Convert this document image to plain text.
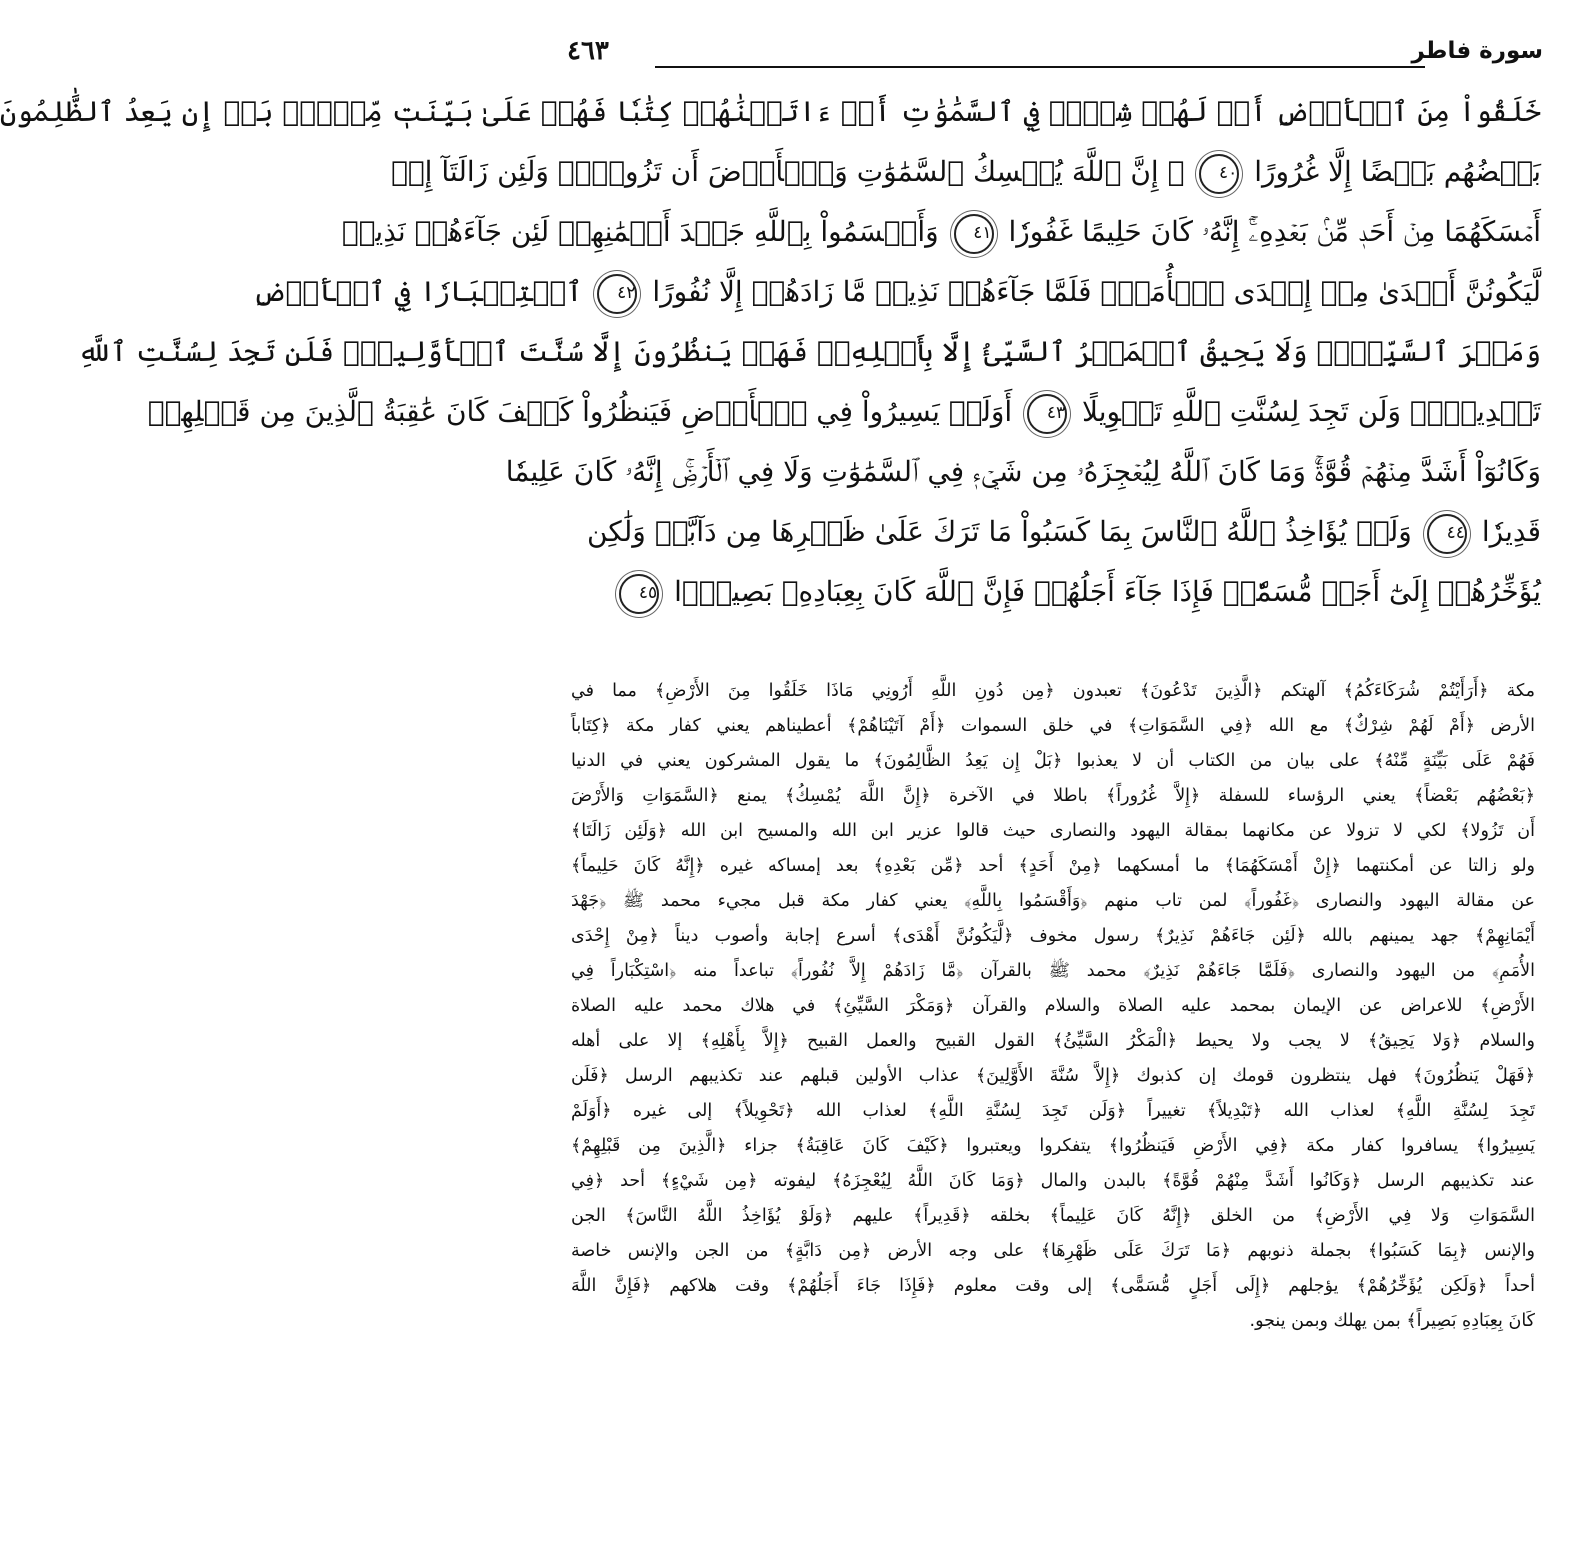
٤٦٣	سورة فاطر
خَلَقُواْ مِنَ ٱلۡأَرۡضِ أَمۡ لَهُمۡ شِرۡكٞ فِي ٱلسَّمَٰوَٰتِ أَمۡ ءَاتَيۡنَٰهُمۡ كِتَٰبٗا فَهُمۡ عَلَىٰ بَيِّنَتٖ مِّنۡهُۚ بَلۡ إِن يَعِدُ ٱلظَّٰلِمُونَ
بَعۡضُهُم بَعۡضًا إِلَّا غُرُورًا ٤٠ ۞ إِنَّ ٱللَّهَ يُمۡسِكُ ٱلسَّمَٰوَٰتِ وَٱلۡأَرۡضَ أَن تَزُولَاۚ وَلَئِن زَالَتَآ إِنۡ
أَمۡسَكَهُمَا مِنۡ أَحَدٖ مِّنۢ بَعۡدِهِۦٓۚ إِنَّهُۥ كَانَ حَلِيمًا غَفُورٗا ٤١ وَأَقۡسَمُواْ بِٱللَّهِ جَهۡدَ أَيۡمَٰنِهِمۡ لَئِن جَآءَهُمۡ نَذِيرٞ
لَّيَكُونُنَّ أَهۡدَىٰ مِنۡ إِحۡدَى ٱلۡأُمَمِۖ فَلَمَّا جَآءَهُمۡ نَذِيرٞ مَّا زَادَهُمۡ إِلَّا نُفُورًا ٤٢ ٱسۡتِكۡبَارٗا فِي ٱلۡأَرۡضِ
وَمَكۡرَ ٱلسَّيِّيِٕۚ وَلَا يَحِيقُ ٱلۡمَكۡرُ ٱلسَّيِّئُ إِلَّا بِأَهۡلِهِۦۚ فَهَلۡ يَنظُرُونَ إِلَّا سُنَّتَ ٱلۡأَوَّلِينَۚ فَلَن تَجِدَ لِسُنَّتِ ٱللَّهِ
تَبۡدِيلٗاۖ وَلَن تَجِدَ لِسُنَّتِ ٱللَّهِ تَحۡوِيلًا ٤٣ أَوَلَمۡ يَسِيرُواْ فِي ٱلۡأَرۡضِ فَيَنظُرُواْ كَيۡفَ كَانَ عَٰقِبَةُ ٱلَّذِينَ مِن قَبۡلِهِمۡ
وَكَانُوٓاْ أَشَدَّ مِنۡهُمۡ قُوَّةٗۚ وَمَا كَانَ ٱللَّهُ لِيُعۡجِزَهُۥ مِن شَيۡءٖ فِي ٱلسَّمَٰوَٰتِ وَلَا فِي ٱلۡأَرۡضِۚ إِنَّهُۥ كَانَ عَلِيمٗا
قَدِيرٗا ٤٤ وَلَوۡ يُؤَاخِذُ ٱللَّهُ ٱلنَّاسَ بِمَا كَسَبُواْ مَا تَرَكَ عَلَىٰ ظَهۡرِهَا مِن دَآبَّةٖ وَلَٰكِن
يُؤَخِّرُهُمۡ إِلَىٰٓ أَجَلٖ مُّسَمّٗىۖ فَإِذَا جَآءَ أَجَلُهُمۡ فَإِنَّ ٱللَّهَ كَانَ بِعِبَادِهِۦ بَصِيرَۢا ٤٥
مكة ﴿أَرَأَيْتُمْ شُرَكَاءَكُمُ﴾ آلهتكم ﴿الَّذِينَ تَدْعُونَ﴾ تعبدون ﴿مِن دُونِ اللَّهِ أَرُونِي مَاذَا خَلَقُوا مِنَ الأَرْضِ﴾ مما في
الأرض ﴿أَمْ لَهُمْ شِرْكٌ﴾ مع الله ﴿فِي السَّمَوَاتِ﴾ في خلق السموات ﴿أَمْ آتَيْنَاهُمْ﴾ أعطيناهم يعني كفار مكة ﴿كِتَاباً
فَهُمْ عَلَى بَيِّنَةٍ مِّنْهُ﴾ على بيان من الكتاب أن لا يعذبوا ﴿بَلْ إِن يَعِدُ الظَّالِمُونَ﴾ ما يقول المشركون يعني في الدنيا
﴿بَعْضُهُم بَعْضاً﴾ يعني الرؤساء للسفلة ﴿إِلاَّ غُرُوراً﴾ باطلا في الآخرة ﴿إِنَّ اللَّهَ يُمْسِكُ﴾ يمنع ﴿السَّمَوَاتِ وَالأَرْضَ
أَن تَزُولا﴾ لكي لا تزولا عن مكانهما بمقالة اليهود والنصارى حيث قالوا عزير ابن الله والمسيح ابن الله ﴿وَلَئِن زَالَتَا﴾
ولو زالتا عن أمكنتهما ﴿إِنْ أَمْسَكَهُمَا﴾ ما أمسكهما ﴿مِنْ أَحَدٍ﴾ أحد ﴿مِّن بَعْدِهِ﴾ بعد إمساكه غيره ﴿إِنَّهُ كَانَ حَلِيماً﴾
عن مقالة اليهود والنصارى ﴿غَفُوراً﴾ لمن تاب منهم ﴿وَأَقْسَمُوا بِاللَّهِ﴾ يعني كفار مكة قبل مجيء محمد ﷺ ﴿جَهْدَ
أَيْمَانِهِمْ﴾ جهد يمينهم بالله ﴿لَئِن جَاءَهُمْ نَذِيرٌ﴾ رسول مخوف ﴿لَّيَكُونُنَّ أَهْدَى﴾ أسرع إجابة وأصوب ديناً ﴿مِنْ إِحْدَى
الأُمَمِ﴾ من اليهود والنصارى ﴿فَلَمَّا جَاءَهُمْ نَذِيرٌ﴾ محمد ﷺ بالقرآن ﴿مَّا زَادَهُمْ إِلاَّ نُفُوراً﴾ تباعداً منه ﴿اسْتِكْبَاراً فِي
الأَرْضِ﴾ للاعراض عن الإيمان بمحمد عليه الصلاة والسلام والقرآن ﴿وَمَكْرَ السَّيِّئِ﴾ في هلاك محمد عليه الصلاة
والسلام ﴿وَلا يَحِيقُ﴾ لا يجب ولا يحيط ﴿الْمَكْرُ السَّيِّئُ﴾ القول القبيح والعمل القبيح ﴿إِلاَّ بِأَهْلِهِ﴾ إلا على أهله
﴿فَهَلْ يَنظُرُونَ﴾ فهل ينتظرون قومك إن كذبوك ﴿إِلاَّ سُنَّةَ الأَوَّلِينَ﴾ عذاب الأولين قبلهم عند تكذيبهم الرسل ﴿فَلَن
تَجِدَ لِسُنَّةِ اللَّهِ﴾ لعذاب الله ﴿تَبْدِيلاً﴾ تغييراً ﴿وَلَن تَجِدَ لِسُنَّةِ اللَّهِ﴾ لعذاب الله ﴿تَحْوِيلاً﴾ إلى غيره ﴿أَوَلَمْ
يَسِيرُوا﴾ يسافروا كفار مكة ﴿فِي الأَرْضِ فَيَنظُرُوا﴾ يتفكروا ويعتبروا ﴿كَيْفَ كَانَ عَاقِبَةُ﴾ جزاء ﴿الَّذِينَ مِن قَبْلِهِمْ﴾
عند تكذيبهم الرسل ﴿وَكَانُوا أَشَدَّ مِنْهُمْ قُوَّةً﴾ بالبدن والمال ﴿وَمَا كَانَ اللَّهُ لِيُعْجِزَهُ﴾ ليفوته ﴿مِن شَيْءٍ﴾ أحد ﴿فِي
السَّمَوَاتِ وَلا فِي الأَرْضِ﴾ من الخلق ﴿إِنَّهُ كَانَ عَلِيماً﴾ بخلقه ﴿قَدِيراً﴾ عليهم ﴿وَلَوْ يُؤَاخِذُ اللَّهُ النَّاسَ﴾ الجن
والإنس ﴿بِمَا كَسَبُوا﴾ بجملة ذنوبهم ﴿مَا تَرَكَ عَلَى ظَهْرِهَا﴾ على وجه الأرض ﴿مِن دَابَّةٍ﴾ من الجن والإنس خاصة
أحداً ﴿وَلَكِن يُؤَخِّرُهُمْ﴾ يؤجلهم ﴿إِلَى أَجَلٍ مُّسَمًّى﴾ إلى وقت معلوم ﴿فَإِذَا جَاءَ أَجَلُهُمْ﴾ وقت هلاكهم ﴿فَإِنَّ اللَّهَ
كَانَ بِعِبَادِهِ بَصِيراً﴾ بمن يهلك وبمن ينجو.
